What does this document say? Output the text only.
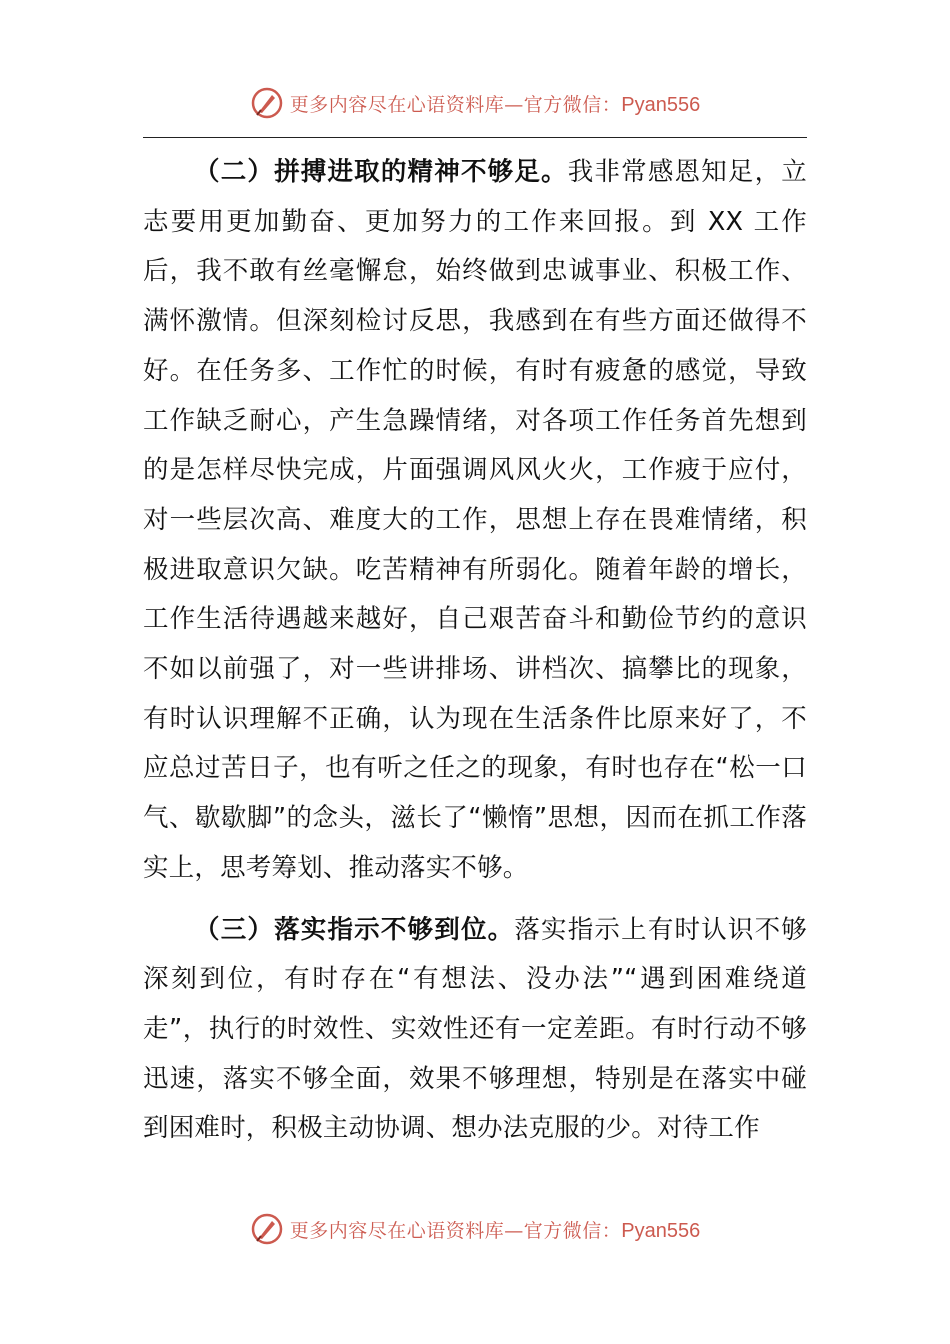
更多内容尽在心语资料库—官方微信：Pyan556

（二）拼搏进取的精神不够足。我非常感恩知足，立志要用更加勤奋、更加努力的工作来回报。到 XX 工作后，我不敢有丝毫懈怠，始终做到忠诚事业、积极工作、满怀激情。但深刻检讨反思，我感到在有些方面还做得不好。在任务多、工作忙的时候，有时有疲惫的感觉，导致工作缺乏耐心，产生急躁情绪，对各项工作任务首先想到的是怎样尽快完成，片面强调风风火火，工作疲于应付，对一些层次高、难度大的工作，思想上存在畏难情绪，积极进取意识欠缺。吃苦精神有所弱化。随着年龄的增长，工作生活待遇越来越好，自己艰苦奋斗和勤俭节约的意识不如以前强了，对一些讲排场、讲档次、搞攀比的现象，有时认识理解不正确，认为现在生活条件比原来好了，不应总过苦日子，也有听之任之的现象，有时也存在“松一口气、歇歇脚”的念头，滋长了“懒惰”思想，因而在抓工作落实上，思考筹划、推动落实不够。

（三）落实指示不够到位。落实指示上有时认识不够深刻到位，有时存在“有想法、没办法”“遇到困难绕道走”，执行的时效性、实效性还有一定差距。有时行动不够迅速，落实不够全面，效果不够理想，特别是在落实中碰到困难时，积极主动协调、想办法克服的少。对待工作

更多内容尽在心语资料库—官方微信：Pyan556
